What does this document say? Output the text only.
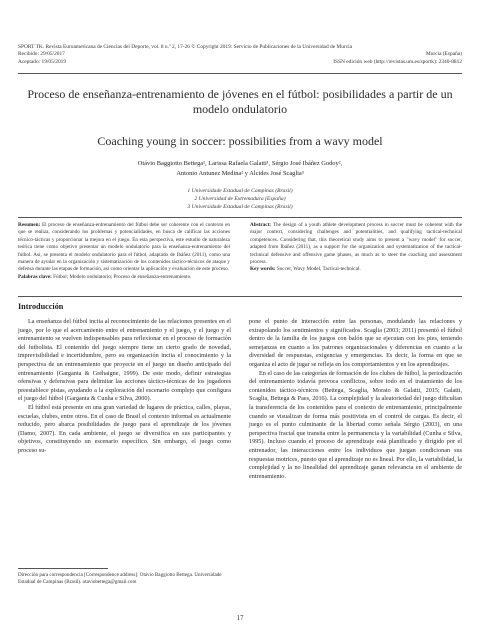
SPORT TK. Revista Euroamericana de Ciencias del Deporte, vol. 8 n.º 2, 17-26 © Copyright 2019: Servicio de Publicaciones de la Universidad de Murcia
Recibido: 29/05/2017	Murcia (España)
Aceptado: 19/05/2019	ISSN edición web (http://revistas.um.es/sportk): 2340-8812
Proceso de enseñanza-entrenamiento de jóvenes en el fútbol: posibilidades a partir de un modelo ondulatorio
Coaching young in soccer: possibilities from a wavy model
Otávio Baggiotto Bettega¹, Larissa Rafaela Galatti¹, Sérgio José Ibáñez Godoy²,
Antonio Antunez Medina² y Alcides José Scaglia³
1 Universidade Estadual de Campinas (Brasil)
2 Universidad de Extremadura (España)
3 Universidade Estadual de Campinas (Brasil)
Resumen: El proceso de enseñanza-entrenamiento del fútbol debe ser coherente con el contexto en que se realiza, considerando los problemas y potencialidades, en busca de calificar las acciones técnico-tácticas y proporcionar la mejora en el juego. En esta perspectiva, este estudio de naturaleza teórica tiene como objetivo presentar un modelo ondulatorio para la enseñanza-entrenamiento del fútbol. Así, se presenta el modelo ondulatorio para el fútbol, adaptado de Ibáñez (2011), como una manera de ayudar en la organización y sistematización de los contenidos táctico-técnicos de ataque y defensa durante las etapas de formación, así como orientar la aplicación y evaluación de este proceso.
Palabras clave: Fútbol; Modelo ondulatorio; Proceso de enseñanza-entrenamiento.
Abstract: The design of a youth athlete development process in soccer must be coherent with the major context, considering challenges and potentialities, and qualifying tactical-technical competences. Considering that, this theoretical study aims to present a "wavy model" for soccer, adapted from Ibáñez (2011), as a support for the organization and systematization of the tactical-technical defensive and offensive game phases, as much as to steer the coaching and assessment process.
Key words: Soccer, Wavy Model, Tactical-technical.
Introducción

La enseñanza del fútbol incita al reconocimiento de las relaciones presentes en el juego, por lo que el acercamiento entre el entrenamiento y el juego, y el juego y el entrenamiento se vuelven indispensables para reflexionar en el proceso de formación del futbolista. El contenido del juego siempre tiene un cierto grado de novedad, imprevisibilidad e incertidumbre, pero su organización incita el conocimiento y la perspectiva de un entrenamiento que proyecte en el juego un diseño anticipado del entrenamiento (Garganta & Gréhaigne, 1999). De este modo, definir estrategias ofensivas y defensivas para delimitar las acciones táctico-técnicas de los jugadores preestablece pistas, ayudando a la exploración del escenario complejo que configura el juego del fútbol (Garganta & Cunha e Silva, 2000).

El fútbol está presente en una gran variedad de lugares de práctica, calles, playas, escuelas, clubes, entre otros. En el caso de Brasil el contexto informal es actualmente reducido, pero abarca posibilidades de juego para el aprendizaje de los jóvenes (Damo, 2007). En cada ambiente, el juego se diversifica en sus participantes y objetivos, constituyendo un escenario específico. Sin embargo, el juego como proceso su-

pone el punto de interacción entre las personas, modulando las relaciones y extrapolando los sentimientos y significados. Scaglia (2003; 2011) presentó el fútbol dentro de la familia de los juegos con balón que se ejecutan con los pies, teniendo semejanzas en cuanto a los patrones organizacionales y diferencias en cuanto a la diversidad de respuestas, exigencias y emergencias. Es decir, la forma en que se organiza el acto de jugar se refleja en los comportamientos y en los aprendizajes.

En el caso de las categorías de formación de los clubes de fútbol, la periodización del entrenamiento todavía provoca conflictos, sobre todo en el tratamiento de los contenidos táctico-técnicos (Bettega, Scaglia, Morato & Galatti, 2015; Galatti, Scaglia, Bettega & Paes, 2016). La complejidad y la aleatoriedad del juego dificultan la transferencia de los contenidos para el contexto de entrenamiento, principalmente cuando se visualizan de forma más positivista en el control de cargas. Es decir, el juego es el punto culminante de la libertad como señala Sérgio (2003), en una perspectiva fractal que transita entre la permanencia y la variabilidad (Cunha e Silva, 1995). Incluso cuando el proceso de aprendizaje está planificado y dirigido por el entrenador, las interacciones entre los individuos que juegan condicionan sus respuestas motrices, puesto que el aprendizaje no es lineal. Por ello, la variabilidad, la complejidad y la no linealidad del aprendizaje ganan relevancia en el ambiente de entrenamiento.

Dirección para correspondencia [Correspondence address]: Otávio Baggiotto Bettega. Universidade Estadual de Campinas (Brasil). otaviobettega@gmail.com
17
